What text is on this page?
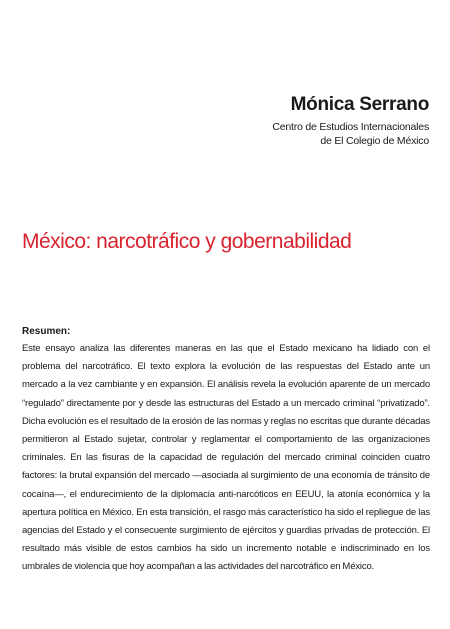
Mónica Serrano
Centro de Estudios Internacionales
de El Colegio de México
México: narcotráfico y gobernabilidad

Resumen:

Este ensayo analiza las diferentes maneras en las que el Estado mexicano ha lidiado con el problema del narcotráfico. El texto explora la evolución de las respuestas del Estado ante un mercado a la vez cambiante y en expansión. El análisis revela la evolución aparente de un mercado “regulado” directamente por y desde las estructuras del Estado a un mercado criminal “privatizado”. Dicha evolución es el resultado de la erosión de las normas y reglas no escritas que durante décadas permitieron al Estado sujetar, controlar y reglamentar el comportamiento de las organizaciones criminales. En las fisuras de la capacidad de regulación del mercado criminal coinciden cuatro factores: la brutal expansión del mercado —asociada al surgimiento de una economía de tránsito de cocaína—, el endurecimiento de la diplomacia anti-narcóticos en EEUU, la atonía económica y la apertura política en México. En esta transición, el rasgo más característico ha sido el repliegue de las agencias del Estado y el consecuente surgimiento de ejércitos y guardias privadas de protección. El resultado más visible de estos cambios ha sido un incremento notable e indiscriminado en los umbrales de violencia que hoy acompañan a las actividades del narcotráfico en México.
